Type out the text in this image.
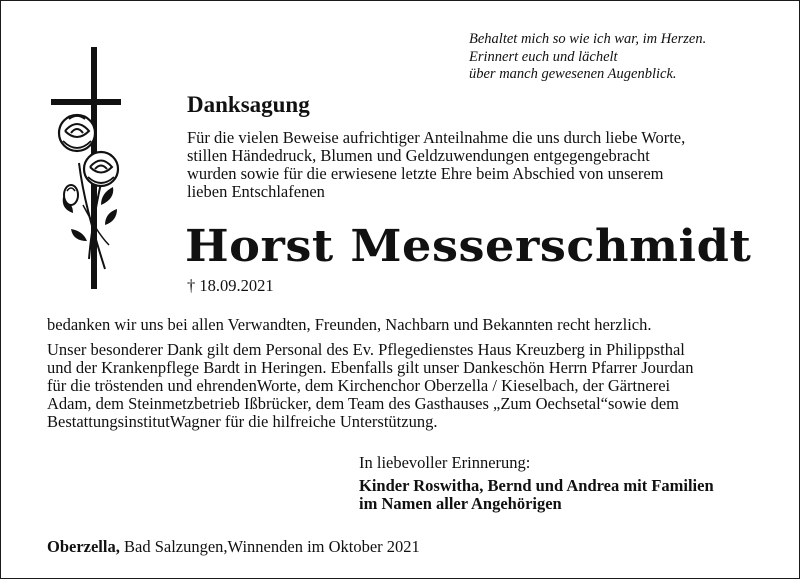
Behaltet mich so wie ich war, im Herzen.
Erinnert euch und lächelt
über manch gewesenen Augenblick.
Danksagung
Für die vielen Beweise aufrichtiger Anteilnahme die uns durch liebe Worte,
stillen Händedruck, Blumen und Geldzuwendungen entgegengebracht
wurden sowie für die erwiesene letzte Ehre beim Abschied von unserem
lieben Entschlafenen
Horst Messerschmidt
† 18.09.2021
bedanken wir uns bei allen Verwandten, Freunden, Nachbarn und Bekannten recht herzlich.
Unser besonderer Dank gilt dem Personal des Ev. Pflegedienstes Haus Kreuzberg in Philippsthal
und der Krankenpflege Bardt in Heringen. Ebenfalls gilt unser Dankeschön Herrn Pfarrer Jourdan
für die tröstenden und ehrendenWorte, dem Kirchenchor Oberzella / Kieselbach, der Gärtnerei
Adam, dem Steinmetzbetrieb Ißbrücker, dem Team des Gasthauses „Zum Oechsetal“sowie dem
BestattungsinstitutWagner für die hilfreiche Unterstützung.
In liebevoller Erinnerung:
Kinder Roswitha, Bernd und Andrea mit Familien
im Namen aller Angehörigen
Oberzella, Bad Salzungen,Winnenden im Oktober 2021
